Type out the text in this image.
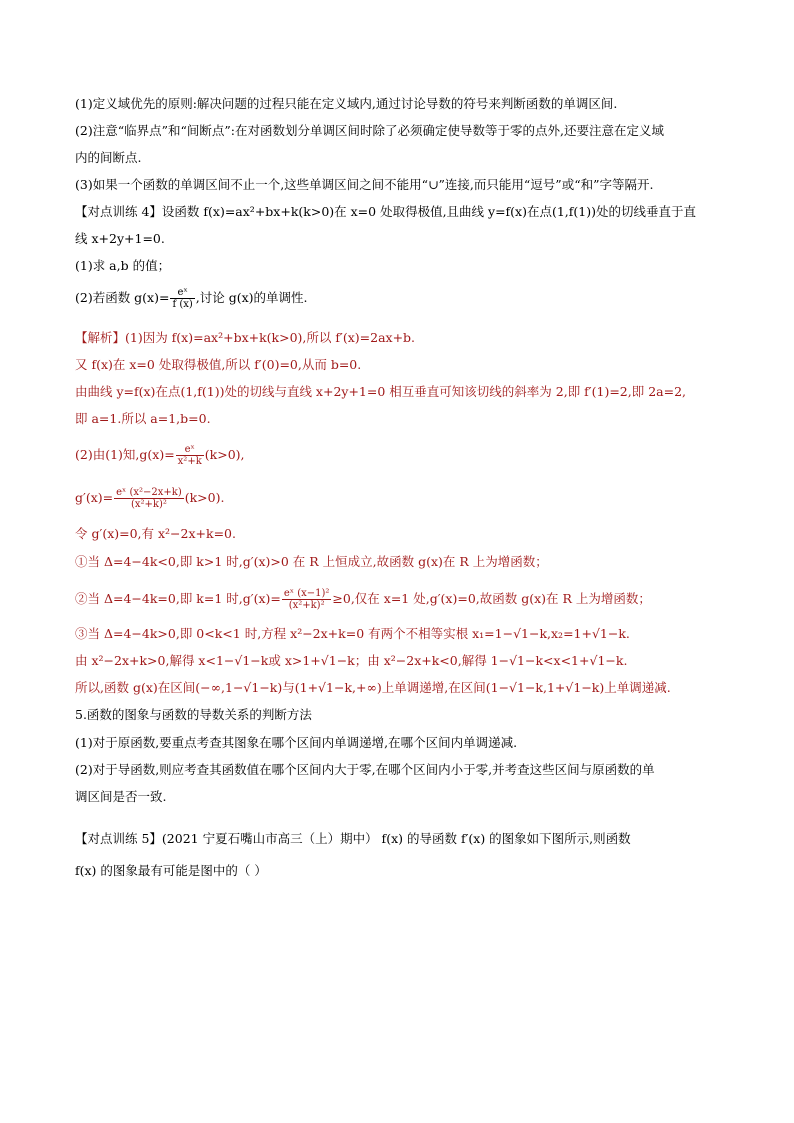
(1)定义域优先的原则:解决问题的过程只能在定义域内,通过讨论导数的符号来判断函数的单调区间.
(2)注意“临界点”和“间断点”:在对函数划分单调区间时除了必须确定使导数等于零的点外,还要注意在定义域
内的间断点.
(3)如果一个函数的单调区间不止一个,这些单调区间之间不能用“∪”连接,而只能用“逗号”或“和”字等隔开.
【对点训练 4】设函数 f(x)=ax²+bx+k(k>0)在 x=0 处取得极值,且曲线 y=f(x)在点(1,f(1))处的切线垂直于直
线 x+2y+1=0.
(1)求 a,b 的值；
(2)若函数 $g(x)= \frac{\text{eˣ}}{f (x)}$ ,讨论 g(x)的单调性.
【解析】(1)因为 f(x)=ax²+bx+k(k>0),所以 f′(x)=2ax+b.
又 f(x)在 x=0 处取得极值,所以 f′(0)=0,从而 b=0.
由曲线 y=f(x)在点(1,f(1))处的切线与直线 x+2y+1=0 相互垂直可知该切线的斜率为 2,即 f′(1)=2,即 2a=2,
即 a=1.所以 a=1,b=0.
(2)由(1)知$,g(x)= \frac{\text{eˣ}}{\text{x²+k}} (k>0)$,
$g'(x)= \frac{\text{eˣ (x²−2x+k)}}{\text{(x²+k)²}} (k>0)$.
令 g′(x)=0,有 x²−2x+k=0.
①当 Δ=4−4k<0,即 k>1 时,g′(x)>0 在 R 上恒成立,故函数 g(x)在 R 上为增函数；
②当 Δ=4−4k=0,即 k=1 时$,g'(x)= \frac{\text{eˣ (x−1)²}}{\text{(x²+k)²}} \ge 0$,仅在 x=1 处,g′(x)=0,故函数 g(x)在 R 上为增函数；
③当 Δ=4−4k>0,即 0<k<1 时,方程 x²−2x+k=0 有两个不相等实根 x₁=1−√1−k,x₂=1+√1−k.
由 x²−2x+k>0,解得 x<1−√1−k或 x>1+√1−k；由 x²−2x+k<0,解得 1−√1−k<x<1+√1−k.
所以,函数 g(x)在区间(−∞,1−√1−k)与(1+√1−k,+∞)上单调递增,在区间(1−√1−k,1+√1−k)上单调递减.
5.函数的图象与函数的导数关系的判断方法
(1)对于原函数,要重点考查其图象在哪个区间内单调递增,在哪个区间内单调递减.
(2)对于导函数,则应考查其函数值在哪个区间内大于零,在哪个区间内小于零,并考查这些区间与原函数的单
调区间是否一致.
【对点训练 5】(2021 宁夏石嘴山市高三（上）期中） f(x) 的导函数 f′(x) 的图象如下图所示,则函数
f(x) 的图象最有可能是图中的（ ）
